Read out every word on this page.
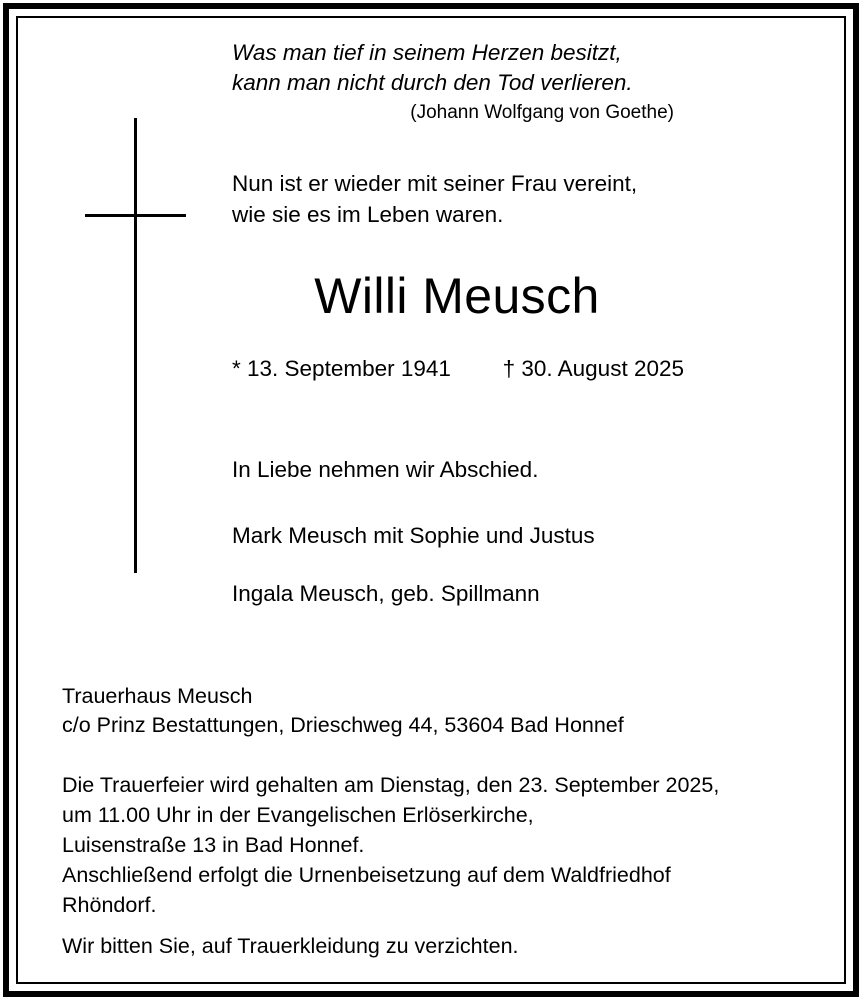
Was man tief in seinem Herzen besitzt,
kann man nicht durch den Tod verlieren.
(Johann Wolfgang von Goethe)
Nun ist er wieder mit seiner Frau vereint,
wie sie es im Leben waren.
Willi Meusch
* 13. September 1941 † 30. August 2025
In Liebe nehmen wir Abschied.
Mark Meusch mit Sophie und Justus
Ingala Meusch, geb. Spillmann
Trauerhaus Meusch
c/o Prinz Bestattungen, Drieschweg 44, 53604 Bad Honnef
Die Trauerfeier wird gehalten am Dienstag, den 23. September 2025,
um 11.00 Uhr in der Evangelischen Erlöserkirche,
Luisenstraße 13 in Bad Honnef.
Anschließend erfolgt die Urnenbeisetzung auf dem Waldfriedhof
Rhöndorf.
Wir bitten Sie, auf Trauerkleidung zu verzichten.
